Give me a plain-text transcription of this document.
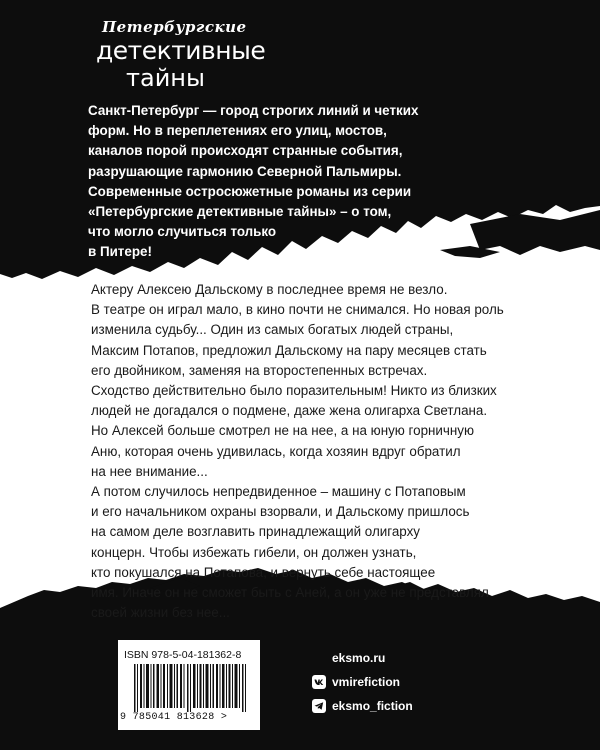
Петербургские
детективные
тайны
Санкт-Петербург — город строгих линий и четких
форм. Но в переплетениях его улиц, мостов,
каналов порой происходят странные события,
разрушающие гармонию Северной Пальмиры.
Современные остросюжетные романы из серии
«Петербургские детективные тайны» – о том,
что могло случиться только
в Питере!
Актеру Алексею Дальскому в последнее время не везло.
В театре он играл мало, в кино почти не снимался. Но новая роль
изменила судьбу... Один из самых богатых людей страны,
Максим Потапов, предложил Дальскому на пару месяцев стать
его двойником, заменяя на второстепенных встречах.
Сходство действительно было поразительным! Никто из близких
людей не догадался о подмене, даже жена олигарха Светлана.
Но Алексей больше смотрел не на нее, а на юную горничную
Аню, которая очень удивилась, когда хозяин вдруг обратил
на нее внимание...
А потом случилось непредвиденное – машину с Потаповым
и его начальником охраны взорвали, и Дальскому пришлось
на самом деле возглавить принадлежащий олигарху
концерн. Чтобы избежать гибели, он должен узнать,
кто покушался на Потапова, и вернуть себе настоящее
имя. Иначе он не сможет быть с Аней, а он уже не представлял
своей жизни без нее...
ISBN 978-5-04-181362-8
9 785041 813628 >
eksmo.ru
vmirefiction
eksmo_fiction
